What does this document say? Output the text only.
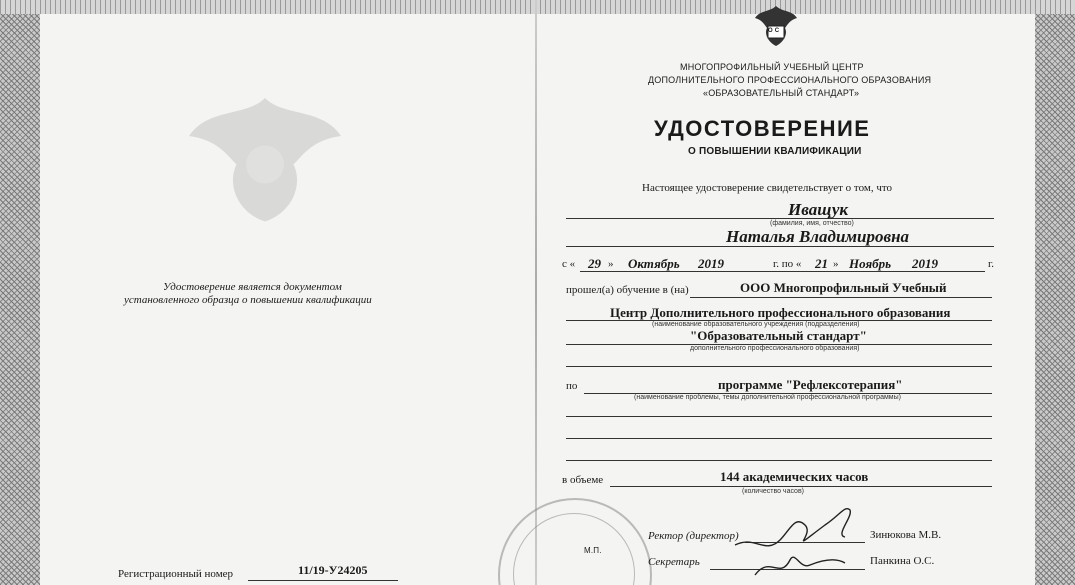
О С
МНОГОПРОФИЛЬНЫЙ УЧЕБНЫЙ ЦЕНТР
ДОПОЛНИТЕЛЬНОГО ПРОФЕССИОНАЛЬНОГО ОБРАЗОВАНИЯ
«ОБРАЗОВАТЕЛЬНЫЙ СТАНДАРТ»
УДОСТОВЕРЕНИЕ
О ПОВЫШЕНИИ КВАЛИФИКАЦИИ
Настоящее удостоверение свидетельствует о том, что
Иващук
(фамилия, имя, отчество)
Наталья Владимировна
с « 29 » Октябрь 2019	г. по « 21 » Ноябрь 2019	г.
прошел(а) обучение в (на)	ООО Многопрофильный Учебный
Центр Дополнительного профессионального образования
(наименование образовательного учреждения (подразделения)
"Образовательный стандарт"
дополнительного профессионального образования)
по	программе "Рефлексотерапия"
(наименование проблемы, темы дополнительной профессиональной программы)
в объеме	144 академических часов
(количество часов)
Ректор (директор)	Зинюкова М.В.
М.П.
Секретарь	Панкина О.С.
Удостоверение является документом
установленного образца о повышении квалификации
Регистрационный номер	11/19-У24205
